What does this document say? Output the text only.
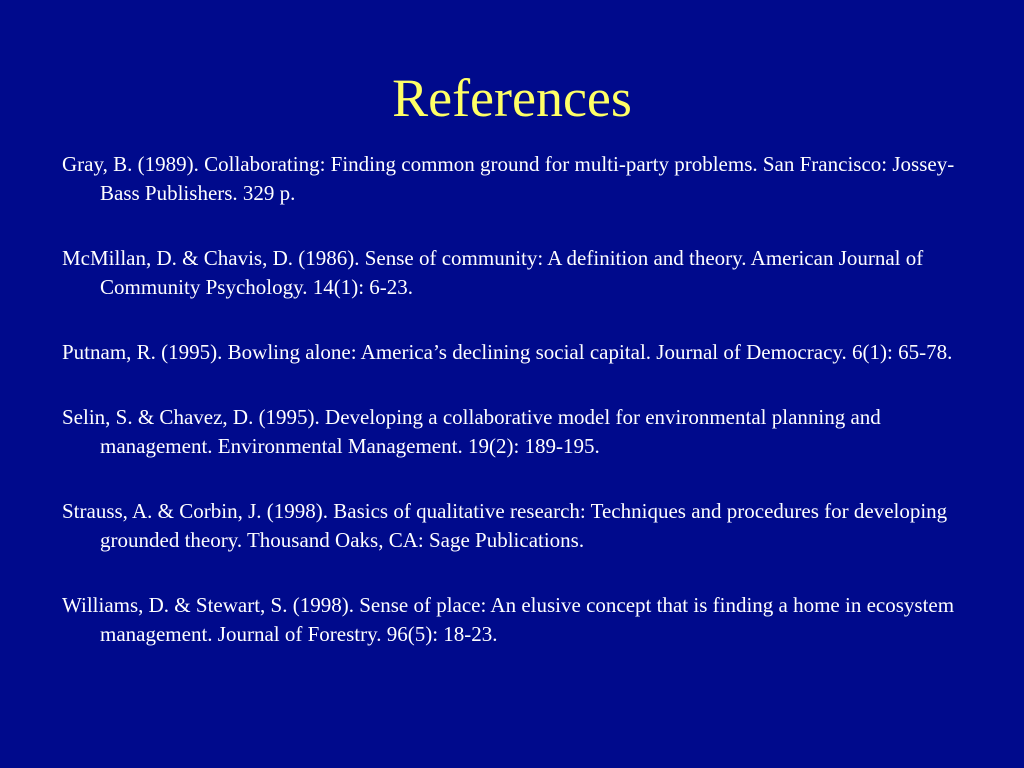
References
Gray, B. (1989). Collaborating: Finding common ground for multi-party problems. San Francisco: Jossey-Bass Publishers. 329 p.
McMillan, D. & Chavis, D. (1986). Sense of community: A definition and theory. American Journal of Community Psychology. 14(1): 6-23.
Putnam, R. (1995). Bowling alone: America’s declining social capital. Journal of Democracy. 6(1): 65-78.
Selin, S. & Chavez, D. (1995). Developing a collaborative model for environmental planning and management. Environmental Management. 19(2): 189-195.
Strauss, A. & Corbin, J. (1998). Basics of qualitative research: Techniques and procedures for developing grounded theory. Thousand Oaks, CA: Sage Publications.
Williams, D. & Stewart, S. (1998). Sense of place: An elusive concept that is finding a home in ecosystem management. Journal of Forestry. 96(5): 18-23.
